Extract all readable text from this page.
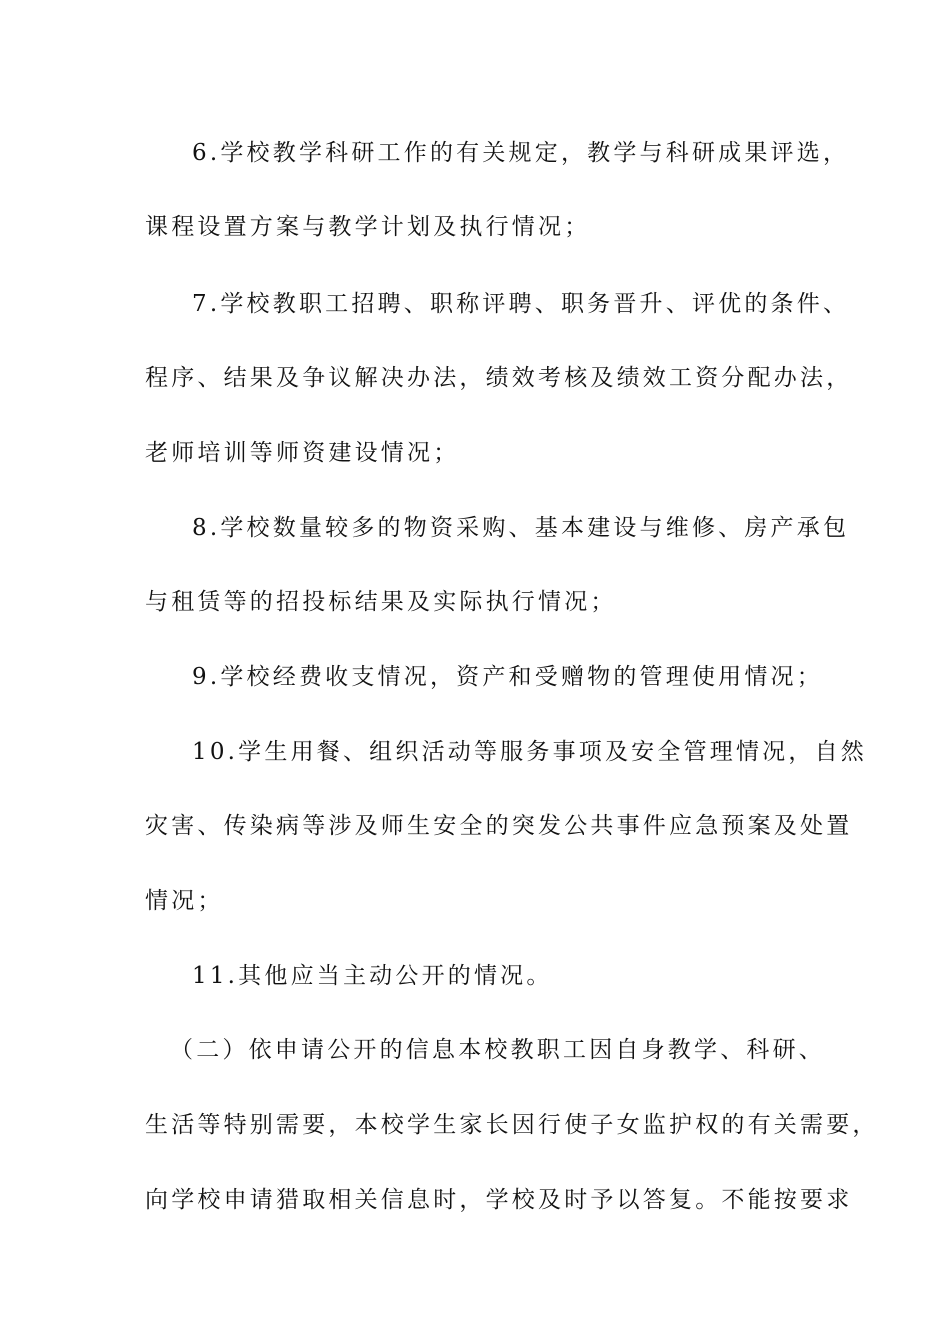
6.学校教学科研工作的有关规定，教学与科研成果评选，
课程设置方案与教学计划及执行情况；
7.学校教职工招聘、职称评聘、职务晋升、评优的条件、
程序、结果及争议解决办法，绩效考核及绩效工资分配办法，
老师培训等师资建设情况；
8.学校数量较多的物资采购、基本建设与维修、房产承包
与租赁等的招投标结果及实际执行情况；
9.学校经费收支情况，资产和受赠物的管理使用情况；
10.学生用餐、组织活动等服务事项及安全管理情况，自然
灾害、传染病等涉及师生安全的突发公共事件应急预案及处置
情况；
11.其他应当主动公开的情况。
（二）依申请公开的信息本校教职工因自身教学、科研、
生活等特别需要，本校学生家长因行使子女监护权的有关需要，
向学校申请猎取相关信息时，学校及时予以答复。不能按要求
